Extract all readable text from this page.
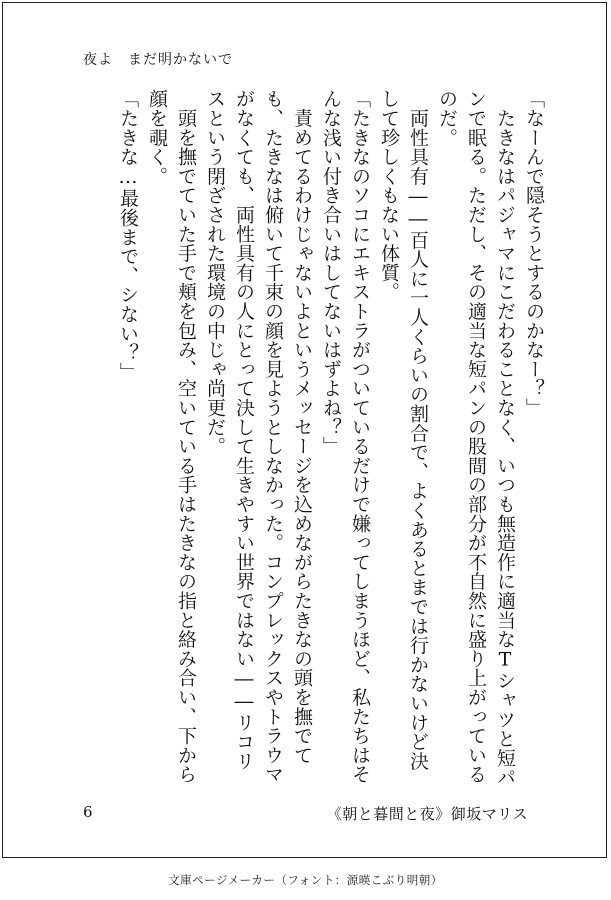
夜よ　まだ明かないで

「なーんで隠そうとするのかなー？」

　たきなはパジャマにこだわることなく、いつも無造作に適当なTシャツと短パンで眠る。ただし、その適当な短パンの股間の部分が不自然に盛り上がっているのだ。

　両性具有――百人に一人くらいの割合で、よくあるとまでは行かないけど決して珍しくもない体質。

「たきなのソコにエキストラがついているだけで嫌ってしまうほど、私たちはそんな浅い付き合いはしてないはずよね？」

　責めてるわけじゃないよというメッセージを込めながらたきなの頭を撫でても、たきなは俯いて千束の顔を見ようとしなかった。コンプレックスやトラウマがなくても、両性具有の人にとって決して生きやすい世界ではない――リコリスという閉ざされた環境の中じゃ尚更だ。

　頭を撫でていた手で頬を包み、空いている手はたきなの指と絡み合い、下から顔を覗く。

「たきな…最後まで、シない？」

6	《朝と暮間と夜》御坂マリス
文庫ページメーカー（フォント：源暎こぶり明朝）
